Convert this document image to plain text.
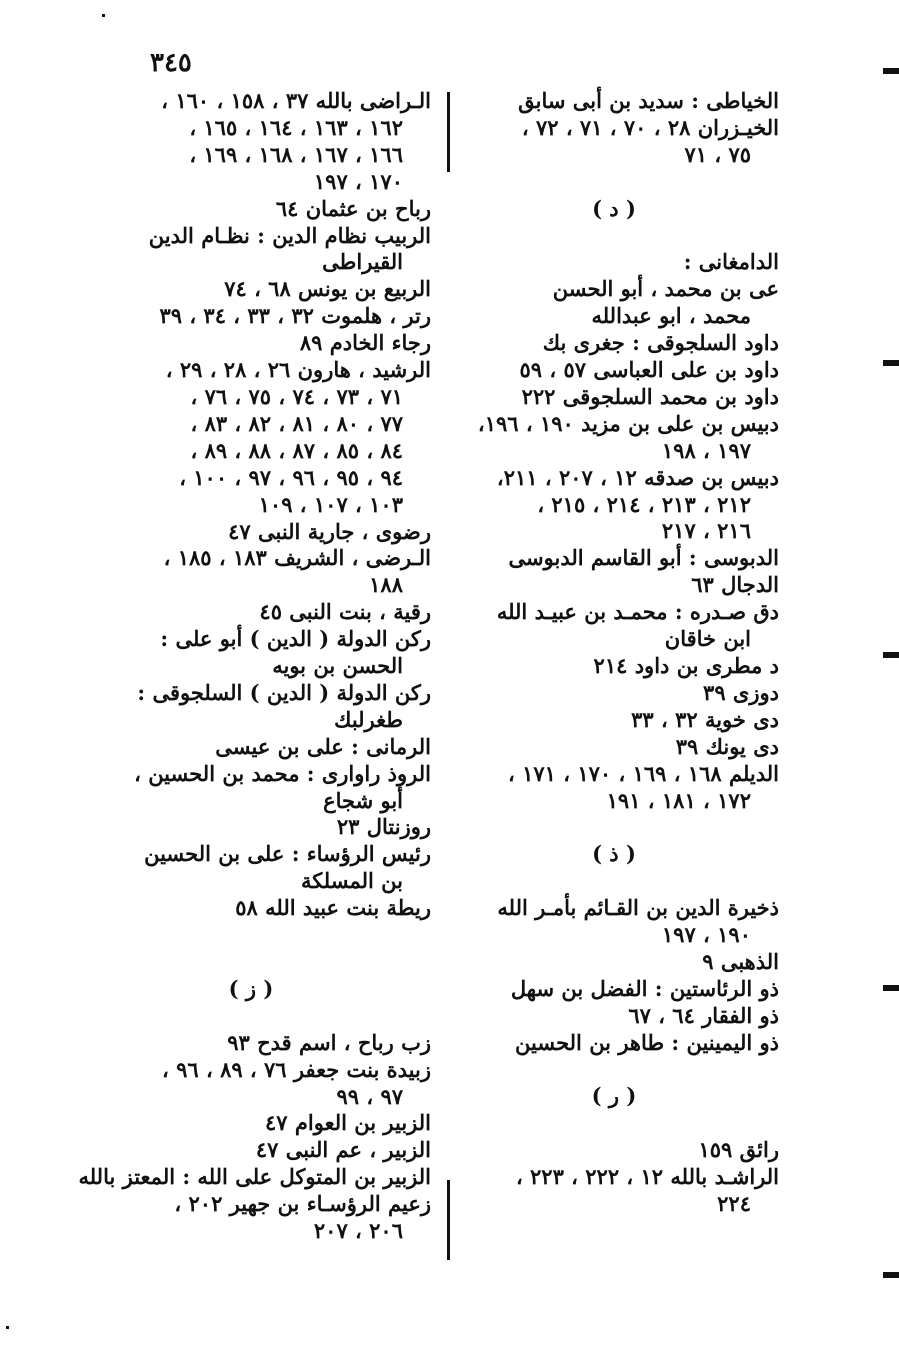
٣٤٥
الخياطى : سديد بن أبى سابق
الخيـزران ٢٨ ، ٧٠ ، ٧١ ، ٧٢ ،
٧٥ ، ٧١
( د )
الدامغانى :
عى بن محمد ، أبو الحسن
محمد ، ابو عبدالله
داود السلجوقى : جغرى بك
داود بن على العباسى ٥٧ ، ٥٩
داود بن محمد السلجوقى ٢٢٢
دبيس بن على بن مزيد ١٩٠ ، ١٩٦،
١٩٧ ، ١٩٨
دبيس بن صدقه ١٢ ، ٢٠٧ ، ٢١١،
٢١٢ ، ٢١٣ ، ٢١٤ ، ٢١٥ ،
٢١٦ ، ٢١٧
الدبوسى : أبو القاسم الدبوسى
الدجال ٦٣
دق صـدره : محمـد بن عبيـد الله
ابن خاقان
د مطرى بن داود ٢١٤
دوزى ٣٩
دى خوية ٣٢ ، ٣٣
دى يونك ٣٩
الديلم ١٦٨ ، ١٦٩ ، ١٧٠ ، ١٧١ ،
١٧٢ ، ١٨١ ، ١٩١
( ذ )
ذخيرة الدين بن القـائم بأمـر الله
١٩٠ ، ١٩٧
الذهبى ٩
ذو الرئاستين : الفضل بن سهل
ذو الفقار ٦٤ ، ٦٧
ذو اليمينين : طاهر بن الحسين
( ر )
رائق ١٥٩
الراشـد بالله ١٢ ، ٢٢٢ ، ٢٢٣ ،
٢٢٤
الـراضى بالله ٣٧ ، ١٥٨ ، ١٦٠ ،
١٦٢ ، ١٦٣ ، ١٦٤ ، ١٦٥ ،
١٦٦ ، ١٦٧ ، ١٦٨ ، ١٦٩ ،
١٧٠ ، ١٩٧
رباح بن عثمان ٦٤
الربيب نظام الدين : نظـام الدين
القيراطى
الربيع بن يونس ٦٨ ، ٧٤
رتر ، هلموت ٣٢ ، ٣٣ ، ٣٤ ، ٣٩
رجاء الخادم ٨٩
الرشيد ، هارون ٢٦ ، ٢٨ ، ٢٩ ،
٧١ ، ٧٣ ، ٧٤ ، ٧٥ ، ٧٦ ،
٧٧ ، ٨٠ ، ٨١ ، ٨٢ ، ٨٣ ،
٨٤ ، ٨٥ ، ٨٧ ، ٨٨ ، ٨٩ ،
٩٤ ، ٩٥ ، ٩٦ ، ٩٧ ، ١٠٠ ،
١٠٣ ، ١٠٧ ، ١٠٩
رضوى ، جارية النبى ٤٧
الـرضى ، الشريف ١٨٣ ، ١٨٥ ،
١٨٨
رقية ، بنت النبى ٤٥
ركن الدولة ( الدين ) أبو على :
الحسن بن بويه
ركن الدولة ( الدين ) السلجوقى :
طغرلبك
الرمانى : على بن عيسى
الروذ راوارى : محمد بن الحسين ،
أبو شجاع
روزنتال ٢٣
رئيس الرؤساء : على بن الحسين
بن المسلكة
ريطة بنت عبيد الله ٥٨
( ز )
زب رباح ، اسم قدح ٩٣
زبيدة بنت جعفر ٧٦ ، ٨٩ ، ٩٦ ،
٩٧ ، ٩٩
الزبير بن العوام ٤٧
الزبير ، عم النبى ٤٧
الزبير بن المتوكل على الله : المعتز بالله
زعيم الرؤسـاء بن جهير ٢٠٢ ،
٢٠٦ ، ٢٠٧
